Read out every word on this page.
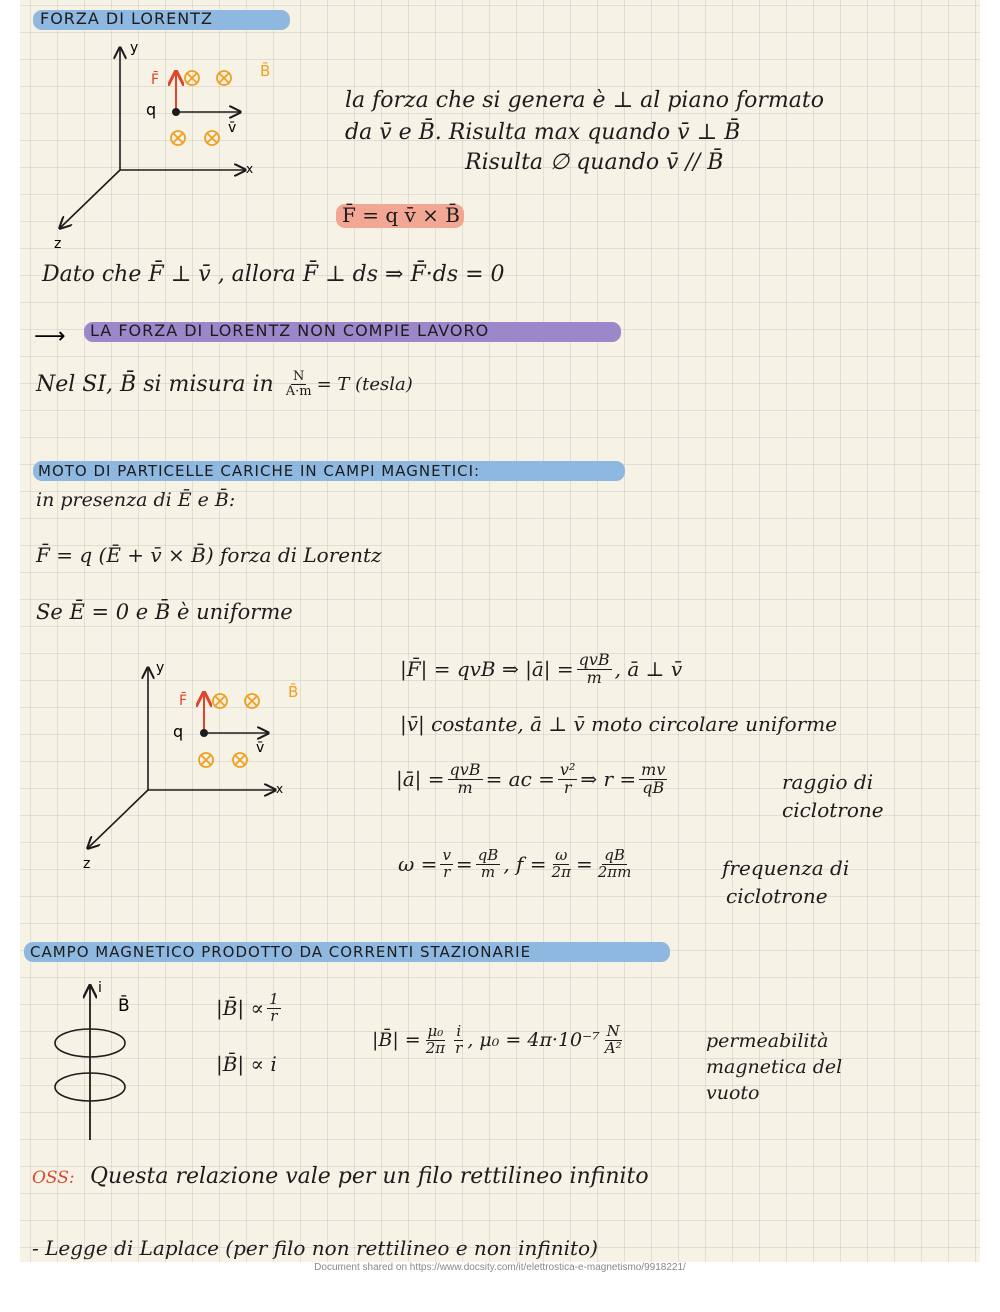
FORZA DI LORENTZ
y
x
z
q
F̄
v̄
B̄
la forza che si genera è ⊥ al piano formato
da v̄ e B̄. Risulta max quando v̄ ⊥ B̄
Risulta ∅ quando v̄ // B̄
F̄ = q v̄ × B̄
Dato che F̄ ⊥ v̄ , allora F̄ ⊥ ds ⇒ F̄·ds = 0
⟶ LA FORZA DI LORENTZ NON COMPIE LAVORO
Nel SI, B̄ si misura in $\frac{N}{A\cdot m} = T$ (tesla)
MOTO DI PARTICELLE CARICHE IN CAMPI MAGNETICI:
in presenza di Ē e B̄:
F̄ = q (Ē + v̄ × B̄) forza di Lorentz
Se Ē = 0 e B̄ è uniforme
y
x
z
q
F̄
v̄
B̄
|F̄| = qvB ⇒ |ā| = $\frac{\text{qvB}}{m}$ , ā ⊥ v̄
|v̄| costante, ā ⊥ v̄ moto circolare uniforme
|ā| = $\frac{\text{qvB}}{m}$ = ac = $\frac{\text{v²}}{r}$ ⇒ $r = \frac{mv}{qB}$	raggio di
ciclotrone
$\omega = \frac{v}{r} = \frac{qB}{m}$ , $f = \frac{\omega}{2\pi} = \frac{qB}{2\pi m}$	frequenza di
ciclotrone
CAMPO MAGNETICO PRODOTTO DA CORRENTI STAZIONARIE
i
B̄	|B̄| ∝ $\frac{1}{r}$
|B̄| ∝ i
|B̄| = $\frac{\text{μ₀}}{2\pi} \frac{i}{r}$ , $\mu_0 = 4\pi\cdot 10^{-7} \frac{N}{\text{A²}}$	permeabilità
magnetica del
vuoto
OSS: Questa relazione vale per un filo rettilineo infinito
- Legge di Laplace (per filo non rettilineo e non infinito)
Document shared on https://www.docsity.com/it/elettrostica-e-magnetismo/9918221/
